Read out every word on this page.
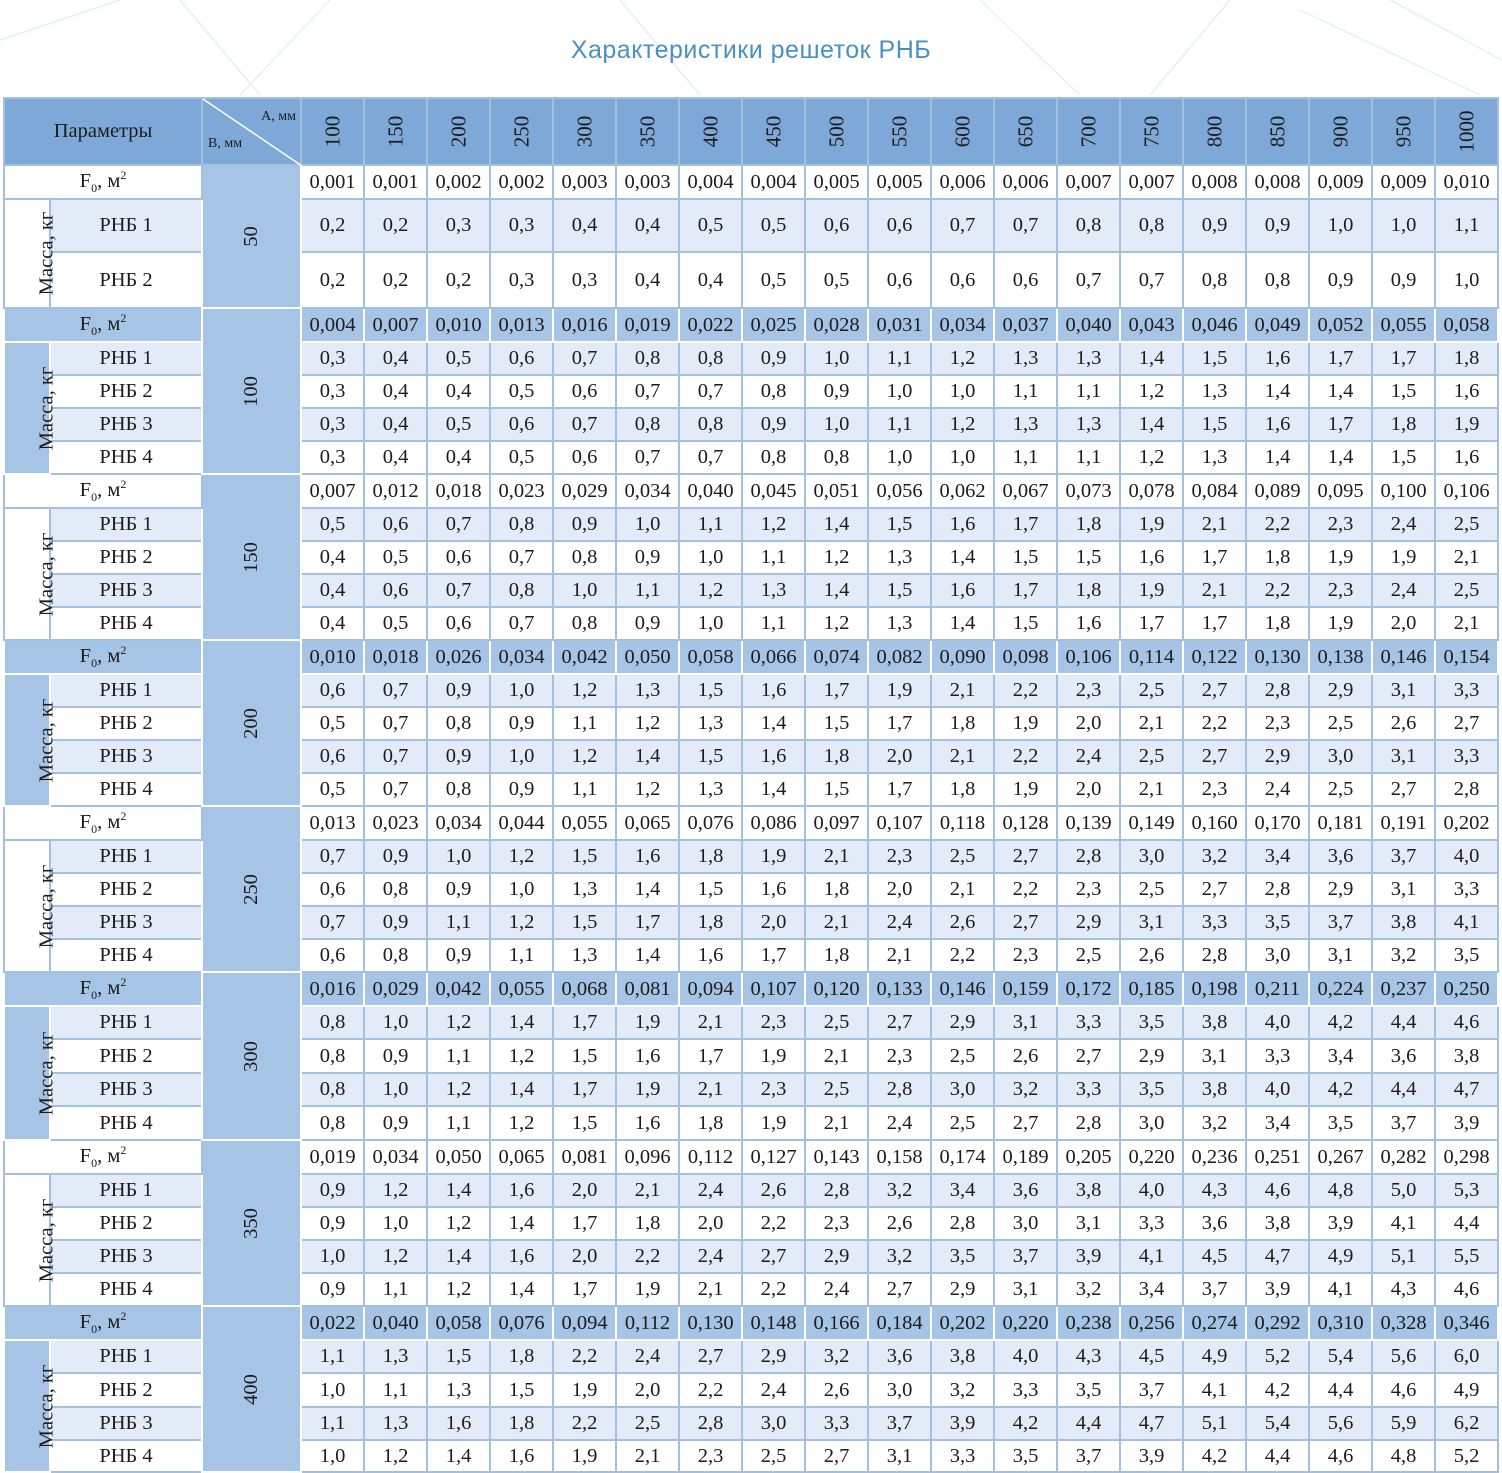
Характеристики решеток РНБ
Параметры		А, мм
В, мм	100	150	200	250	300	350	400	450	500	550	600	650	700	750	800	850	900	950	1000
$F_0$, $м^2$		50	0,001	0,001	0,002	0,002	0,003	0,003	0,004	0,004	0,005	0,005	0,006	0,006	0,007	0,007	0,008	0,008	0,009	0,009	0,010
Масса, кг	РНБ 1		0,2	0,2	0,3	0,3	0,4	0,4	0,5	0,5	0,6	0,6	0,7	0,7	0,8	0,8	0,9	0,9	1,0	1,0	1,1
	РНБ 2		0,2	0,2	0,2	0,3	0,3	0,4	0,4	0,5	0,5	0,6	0,6	0,6	0,7	0,7	0,8	0,8	0,9	0,9	1,0
$F_0$, $м^2$		100	0,004	0,007	0,010	0,013	0,016	0,019	0,022	0,025	0,028	0,031	0,034	0,037	0,040	0,043	0,046	0,049	0,052	0,055	0,058
Масса, кг	РНБ 1		0,3	0,4	0,5	0,6	0,7	0,8	0,8	0,9	1,0	1,1	1,2	1,3	1,3	1,4	1,5	1,6	1,7	1,7	1,8
	РНБ 2		0,3	0,4	0,4	0,5	0,6	0,7	0,7	0,8	0,9	1,0	1,0	1,1	1,1	1,2	1,3	1,4	1,4	1,5	1,6
	РНБ 3		0,3	0,4	0,5	0,6	0,7	0,8	0,8	0,9	1,0	1,1	1,2	1,3	1,3	1,4	1,5	1,6	1,7	1,8	1,9
	РНБ 4		0,3	0,4	0,4	0,5	0,6	0,7	0,7	0,8	0,8	1,0	1,0	1,1	1,1	1,2	1,3	1,4	1,4	1,5	1,6
$F_0$, $м^2$		150	0,007	0,012	0,018	0,023	0,029	0,034	0,040	0,045	0,051	0,056	0,062	0,067	0,073	0,078	0,084	0,089	0,095	0,100	0,106
Масса, кг	РНБ 1		0,5	0,6	0,7	0,8	0,9	1,0	1,1	1,2	1,4	1,5	1,6	1,7	1,8	1,9	2,1	2,2	2,3	2,4	2,5
	РНБ 2		0,4	0,5	0,6	0,7	0,8	0,9	1,0	1,1	1,2	1,3	1,4	1,5	1,5	1,6	1,7	1,8	1,9	1,9	2,1
	РНБ 3		0,4	0,6	0,7	0,8	1,0	1,1	1,2	1,3	1,4	1,5	1,6	1,7	1,8	1,9	2,1	2,2	2,3	2,4	2,5
	РНБ 4		0,4	0,5	0,6	0,7	0,8	0,9	1,0	1,1	1,2	1,3	1,4	1,5	1,6	1,7	1,7	1,8	1,9	2,0	2,1
$F_0$, $м^2$		200	0,010	0,018	0,026	0,034	0,042	0,050	0,058	0,066	0,074	0,082	0,090	0,098	0,106	0,114	0,122	0,130	0,138	0,146	0,154
Масса, кг	РНБ 1		0,6	0,7	0,9	1,0	1,2	1,3	1,5	1,6	1,7	1,9	2,1	2,2	2,3	2,5	2,7	2,8	2,9	3,1	3,3
	РНБ 2		0,5	0,7	0,8	0,9	1,1	1,2	1,3	1,4	1,5	1,7	1,8	1,9	2,0	2,1	2,2	2,3	2,5	2,6	2,7
	РНБ 3		0,6	0,7	0,9	1,0	1,2	1,4	1,5	1,6	1,8	2,0	2,1	2,2	2,4	2,5	2,7	2,9	3,0	3,1	3,3
	РНБ 4		0,5	0,7	0,8	0,9	1,1	1,2	1,3	1,4	1,5	1,7	1,8	1,9	2,0	2,1	2,3	2,4	2,5	2,7	2,8
$F_0$, $м^2$		250	0,013	0,023	0,034	0,044	0,055	0,065	0,076	0,086	0,097	0,107	0,118	0,128	0,139	0,149	0,160	0,170	0,181	0,191	0,202
Масса, кг	РНБ 1		0,7	0,9	1,0	1,2	1,5	1,6	1,8	1,9	2,1	2,3	2,5	2,7	2,8	3,0	3,2	3,4	3,6	3,7	4,0
	РНБ 2		0,6	0,8	0,9	1,0	1,3	1,4	1,5	1,6	1,8	2,0	2,1	2,2	2,3	2,5	2,7	2,8	2,9	3,1	3,3
	РНБ 3		0,7	0,9	1,1	1,2	1,5	1,7	1,8	2,0	2,1	2,4	2,6	2,7	2,9	3,1	3,3	3,5	3,7	3,8	4,1
	РНБ 4		0,6	0,8	0,9	1,1	1,3	1,4	1,6	1,7	1,8	2,1	2,2	2,3	2,5	2,6	2,8	3,0	3,1	3,2	3,5
$F_0$, $м^2$		300	0,016	0,029	0,042	0,055	0,068	0,081	0,094	0,107	0,120	0,133	0,146	0,159	0,172	0,185	0,198	0,211	0,224	0,237	0,250
Масса, кг	РНБ 1		0,8	1,0	1,2	1,4	1,7	1,9	2,1	2,3	2,5	2,7	2,9	3,1	3,3	3,5	3,8	4,0	4,2	4,4	4,6
	РНБ 2		0,8	0,9	1,1	1,2	1,5	1,6	1,7	1,9	2,1	2,3	2,5	2,6	2,7	2,9	3,1	3,3	3,4	3,6	3,8
	РНБ 3		0,8	1,0	1,2	1,4	1,7	1,9	2,1	2,3	2,5	2,8	3,0	3,2	3,3	3,5	3,8	4,0	4,2	4,4	4,7
	РНБ 4		0,8	0,9	1,1	1,2	1,5	1,6	1,8	1,9	2,1	2,4	2,5	2,7	2,8	3,0	3,2	3,4	3,5	3,7	3,9
$F_0$, $м^2$		350	0,019	0,034	0,050	0,065	0,081	0,096	0,112	0,127	0,143	0,158	0,174	0,189	0,205	0,220	0,236	0,251	0,267	0,282	0,298
Масса, кг	РНБ 1		0,9	1,2	1,4	1,6	2,0	2,1	2,4	2,6	2,8	3,2	3,4	3,6	3,8	4,0	4,3	4,6	4,8	5,0	5,3
	РНБ 2		0,9	1,0	1,2	1,4	1,7	1,8	2,0	2,2	2,3	2,6	2,8	3,0	3,1	3,3	3,6	3,8	3,9	4,1	4,4
	РНБ 3		1,0	1,2	1,4	1,6	2,0	2,2	2,4	2,7	2,9	3,2	3,5	3,7	3,9	4,1	4,5	4,7	4,9	5,1	5,5
	РНБ 4		0,9	1,1	1,2	1,4	1,7	1,9	2,1	2,2	2,4	2,7	2,9	3,1	3,2	3,4	3,7	3,9	4,1	4,3	4,6
$F_0$, $м^2$		400	0,022	0,040	0,058	0,076	0,094	0,112	0,130	0,148	0,166	0,184	0,202	0,220	0,238	0,256	0,274	0,292	0,310	0,328	0,346
Масса, кг	РНБ 1		1,1	1,3	1,5	1,8	2,2	2,4	2,7	2,9	3,2	3,6	3,8	4,0	4,3	4,5	4,9	5,2	5,4	5,6	6,0
	РНБ 2		1,0	1,1	1,3	1,5	1,9	2,0	2,2	2,4	2,6	3,0	3,2	3,3	3,5	3,7	4,1	4,2	4,4	4,6	4,9
	РНБ 3		1,1	1,3	1,6	1,8	2,2	2,5	2,8	3,0	3,3	3,7	3,9	4,2	4,4	4,7	5,1	5,4	5,6	5,9	6,2
	РНБ 4		1,0	1,2	1,4	1,6	1,9	2,1	2,3	2,5	2,7	3,1	3,3	3,5	3,7	3,9	4,2	4,4	4,6	4,8	5,2
